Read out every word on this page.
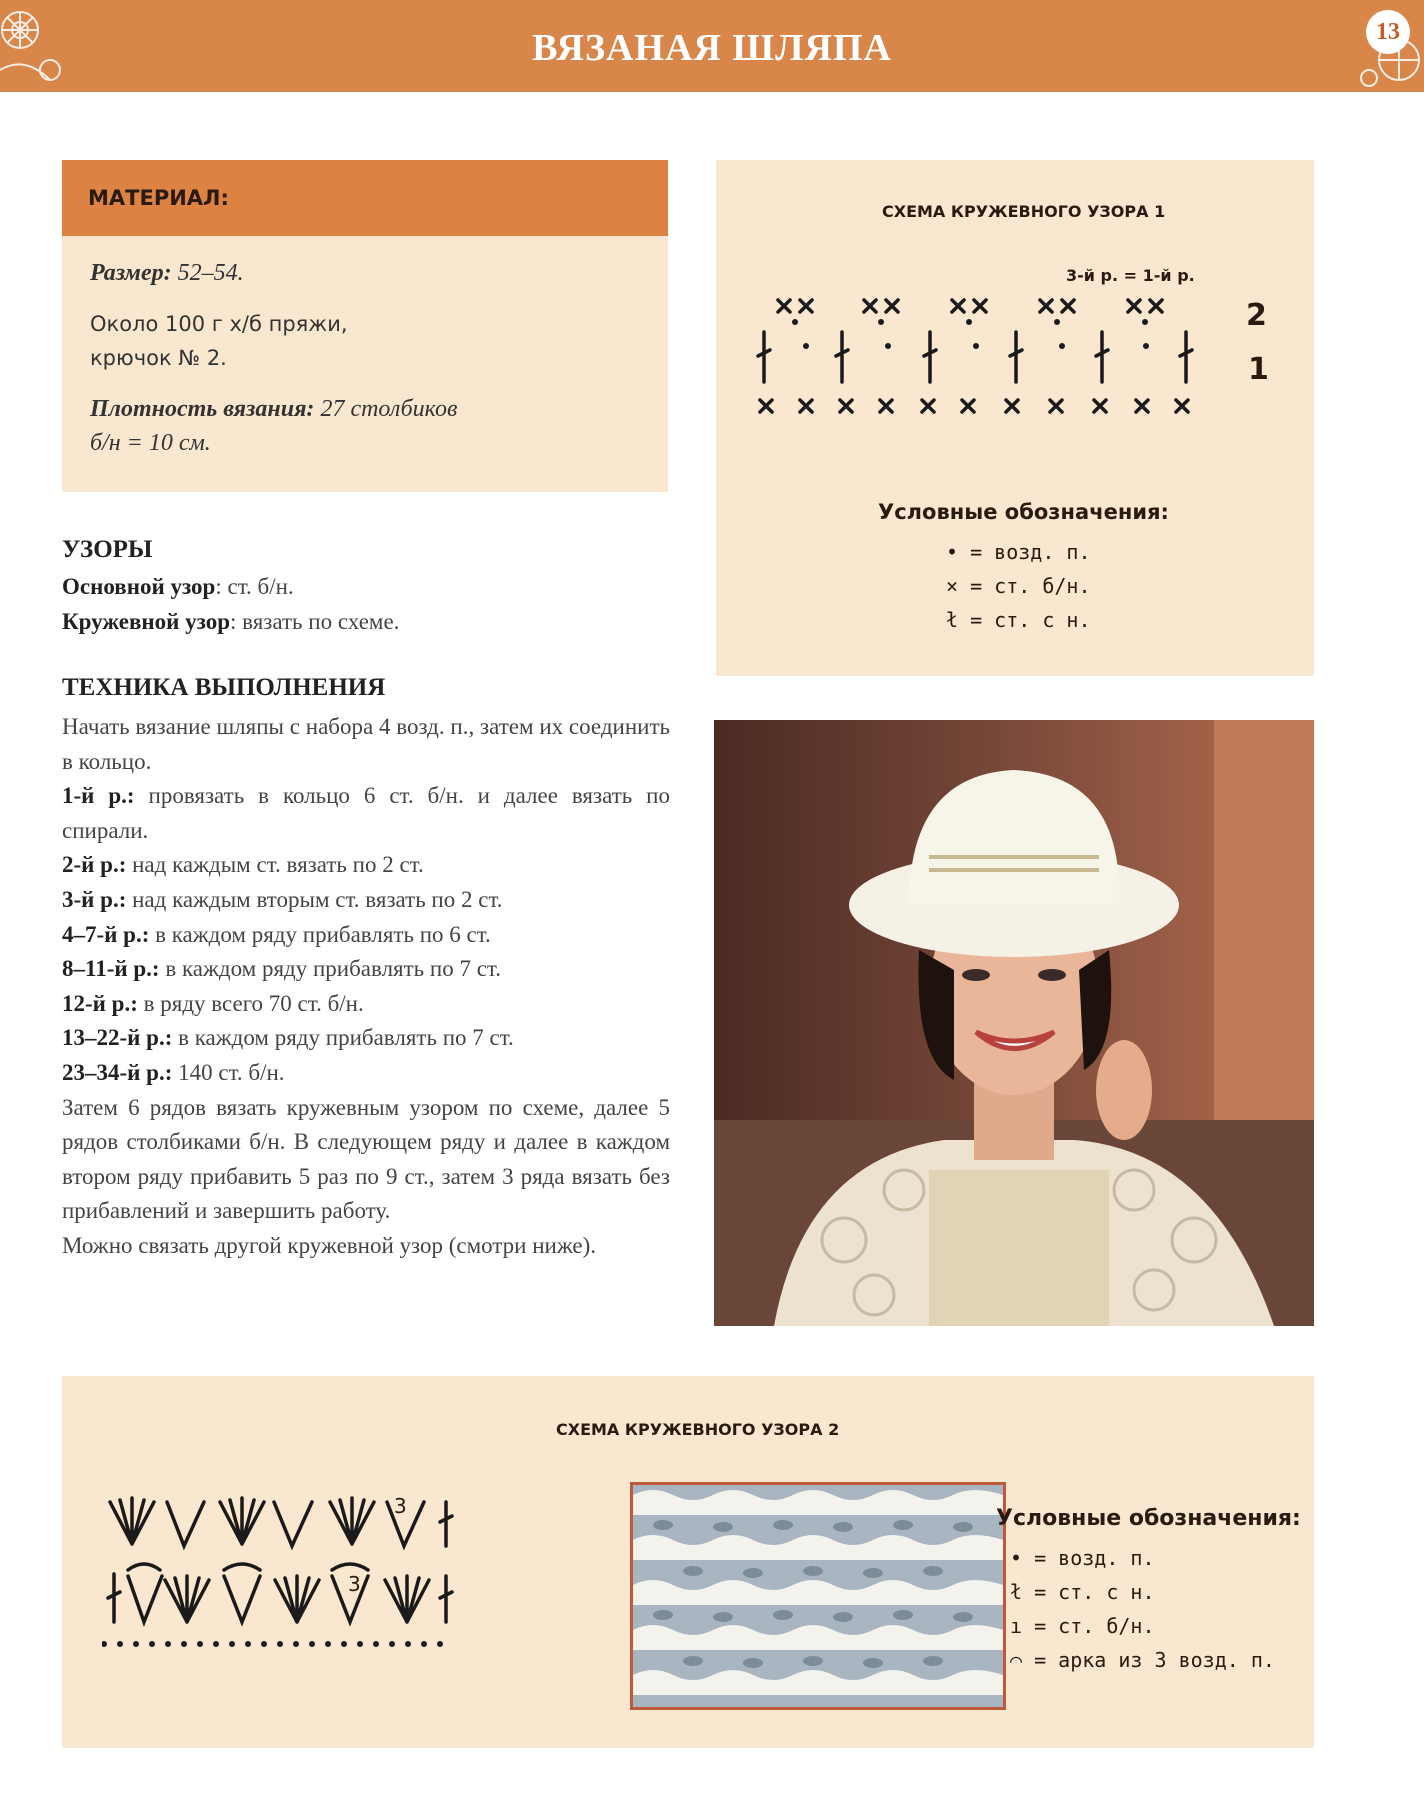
ВЯЗАНАЯ ШЛЯПА	13
МАТЕРИАЛ:
Размер: 52–54.
Около 100 г х/б пряжи,
крючок № 2.
Плотность вязания: 27 столбиков
б/н = 10 см.
СХЕМА КРУЖЕВНОГО УЗОРА 1
3-й р. = 1-й р.
2
1
Условные обозначения:
• = возд. п.
× = ст. б/н.
ł = ст. с н.
УЗОРЫ

Основной узор: ст. б/н.

Кружевной узор: вязать по схеме.

ТЕХНИКА ВЫПОЛНЕНИЯ

Начать вязание шляпы с набора 4 возд. п., затем их соединить в кольцо.

1-й р.: провязать в кольцо 6 ст. б/н. и далее вязать по спирали.

2-й р.: над каждым ст. вязать по 2 ст.

3-й р.: над каждым вторым ст. вязать по 2 ст.

4–7-й р.: в каждом ряду прибавлять по 6 ст.

8–11-й р.: в каждом ряду прибавлять по 7 ст.

12-й р.: в ряду всего 70 ст. б/н.

13–22-й р.: в каждом ряду прибавлять по 7 ст.

23–34-й р.: 140 ст. б/н.

Затем 6 рядов вязать кружевным узором по схеме, далее 5 рядов столбиками б/н. В следующем ряду и далее в каждом втором ряду прибавить 5 раз по 9 ст., затем 3 ряда вязать без прибавлений и завершить работу.

Можно связать другой кружевной узор (смотри ниже).

СХЕМА КРУЖЕВНОГО УЗОРА 2
3
3
Условные обозначения:
• = возд. п.
ł = ст. с н.
ı = ст. б/н.
⌒ = арка из 3 возд. п.
